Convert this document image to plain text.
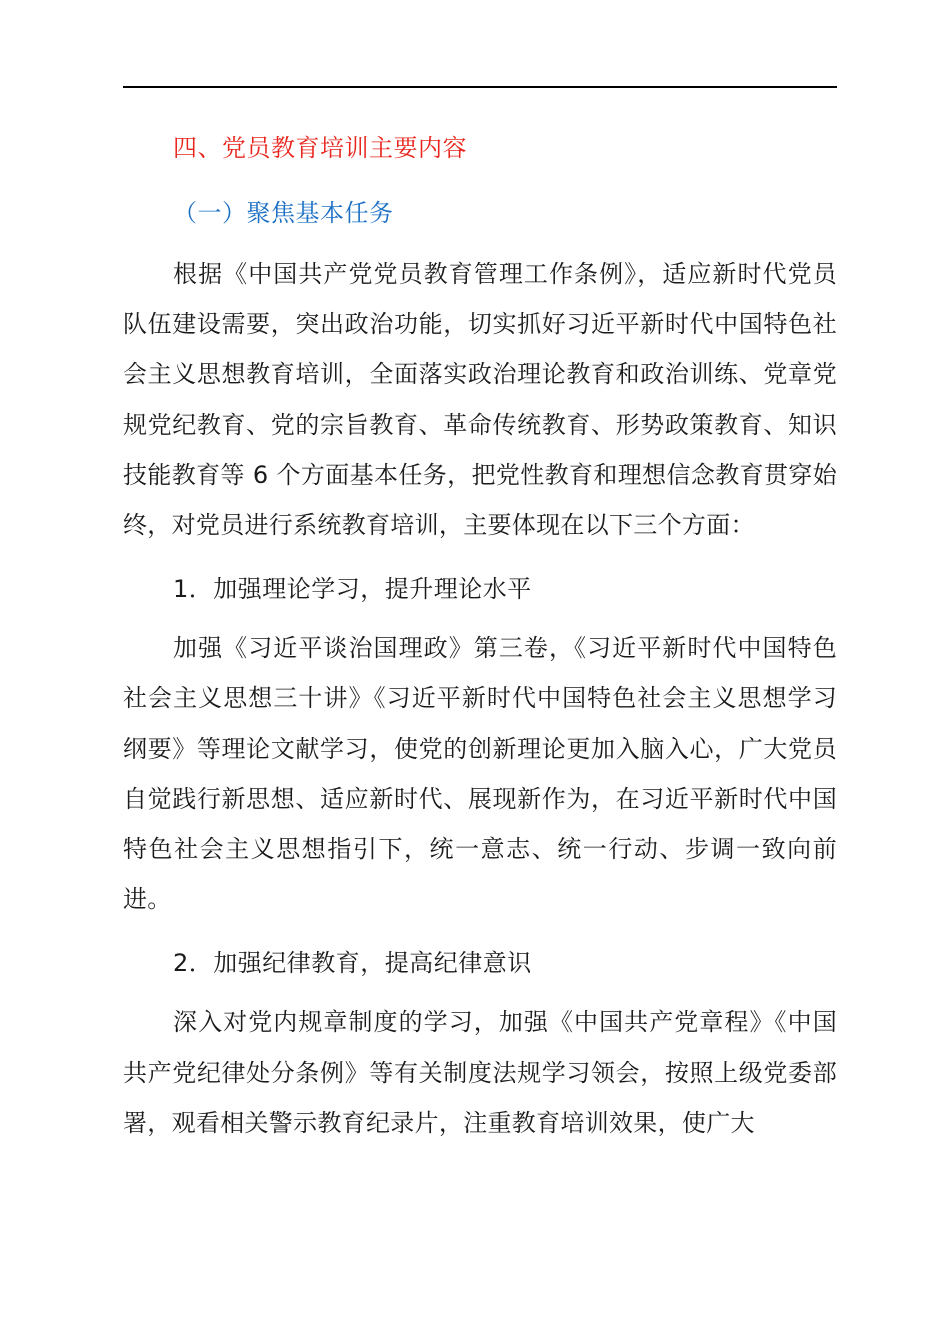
四、党员教育培训主要内容
（一）聚焦基本任务

根据《中国共产党党员教育管理工作条例》，适应新时代党员队伍建设需要，突出政治功能，切实抓好习近平新时代中国特色社会主义思想教育培训，全面落实政治理论教育和政治训练、党章党规党纪教育、党的宗旨教育、革命传统教育、形势政策教育、知识技能教育等 6 个方面基本任务，把党性教育和理想信念教育贯穿始终，对党员进行系统教育培训，主要体现在以下三个方面：

1．加强理论学习，提升理论水平

加强《习近平谈治国理政》第三卷，《习近平新时代中国特色社会主义思想三十讲》《习近平新时代中国特色社会主义思想学习纲要》等理论文献学习，使党的创新理论更加入脑入心，广大党员自觉践行新思想、适应新时代、展现新作为，在习近平新时代中国特色社会主义思想指引下，统一意志、统一行动、步调一致向前进。

2．加强纪律教育，提高纪律意识

深入对党内规章制度的学习，加强《中国共产党章程》《中国共产党纪律处分条例》等有关制度法规学习领会，按照上级党委部署，观看相关警示教育纪录片，注重教育培训效果，使广大
